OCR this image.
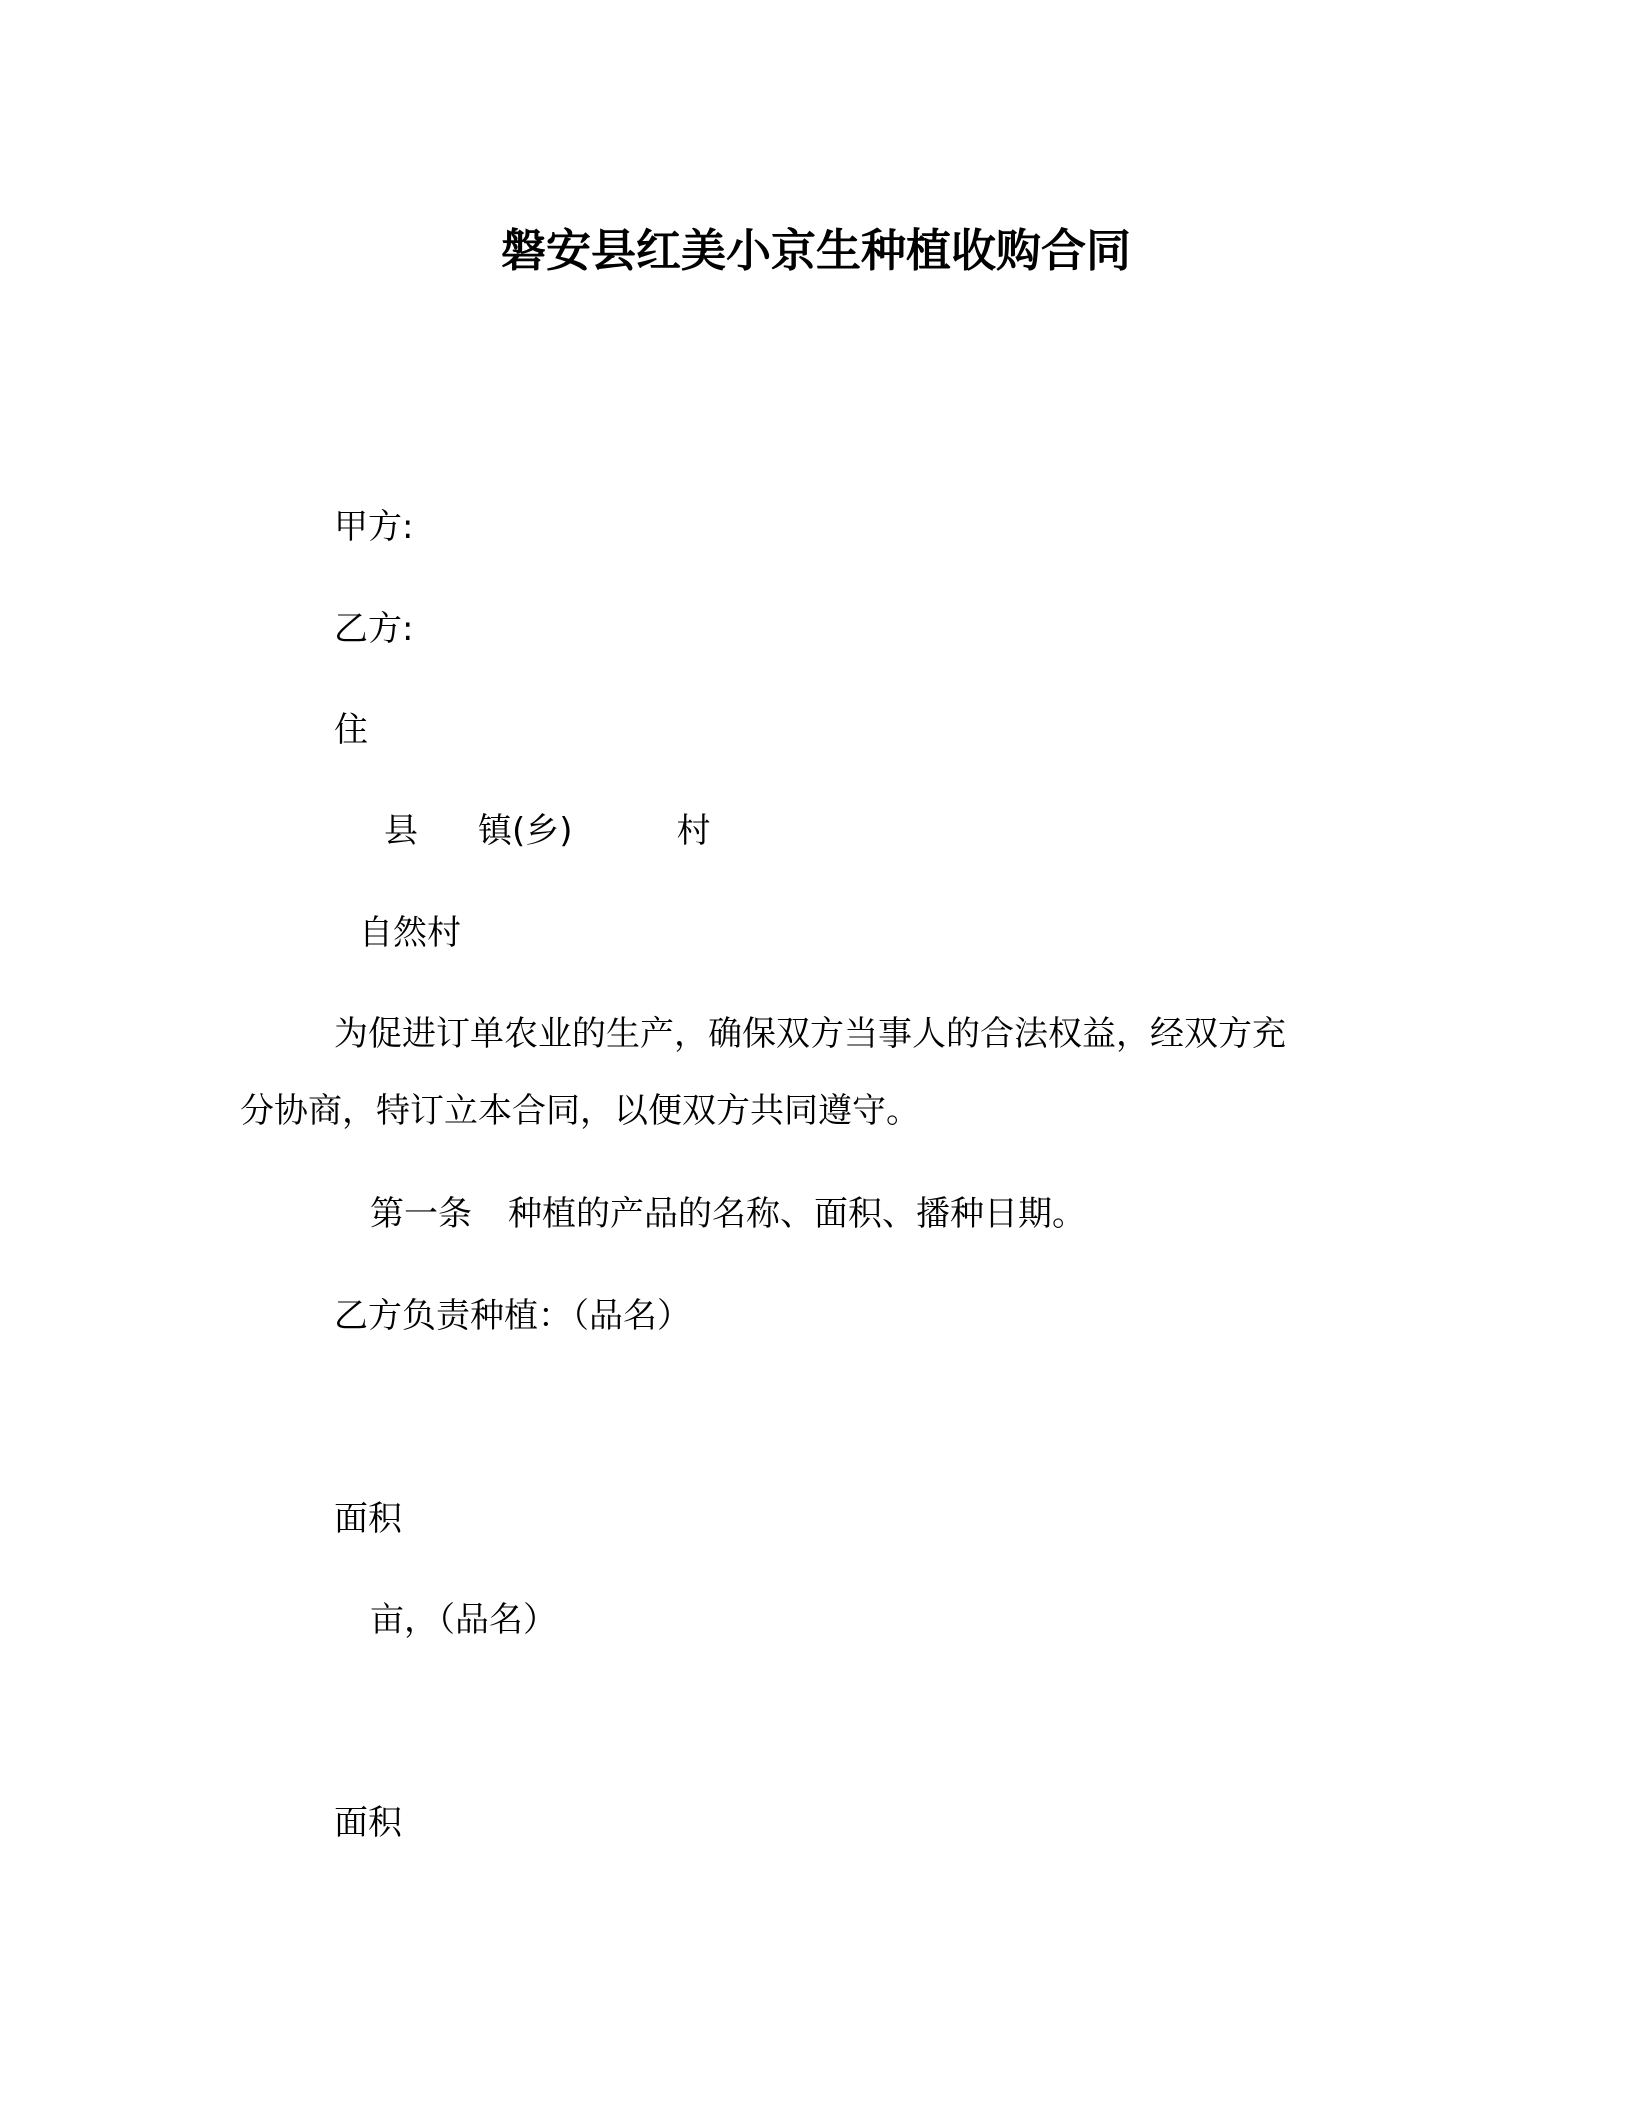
磐安县红美小京生种植收购合同
甲方:
乙方:
住
县 镇(乡)	村
自然村
为促进订单农业的生产，确保双方当事人的合法权益，经双方充
分协商，特订立本合同，以便双方共同遵守。
第一条 种植的产品的名称、面积、播种日期。
乙方负责种植：（品名）
面积
亩，（品名）
面积
